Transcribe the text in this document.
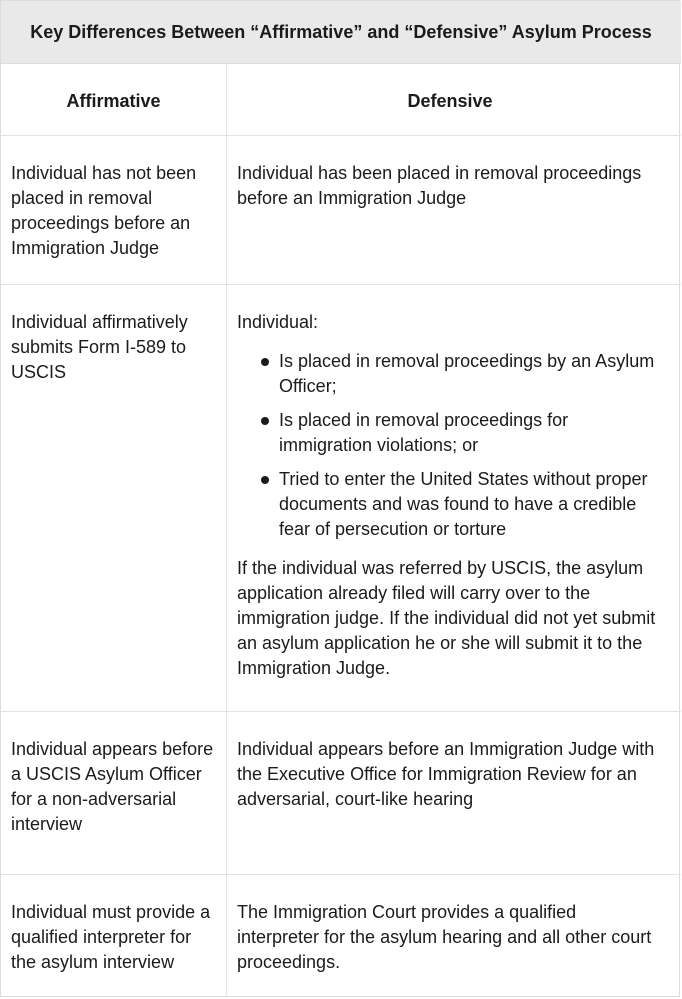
Key Differences Between “Affirmative” and “Defensive” Asylum Process
Affirmative	Defensive
Individual has not been placed in removal proceedings before an Immigration Judge
Individual has been placed in removal proceedings before an Immigration Judge
Individual affirmatively submits Form I-589 to USCIS

Individual:

Is placed in removal proceedings by an Asylum Officer;
Is placed in removal proceedings for immigration violations; or
Tried to enter the United States without proper documents and was found to have a credible fear of persecution or torture

If the individual was referred by USCIS, the asylum application already filed will carry over to the immigration judge. If the individual did not yet submit an asylum application he or she will submit it to the Immigration Judge.

Individual appears before a USCIS Asylum Officer for a non-adversarial interview
Individual appears before an Immigration Judge with the Executive Office for Immigration Review for an adversarial, court-like hearing
Individual must provide a qualified interpreter for the asylum interview
The Immigration Court provides a qualified interpreter for the asylum hearing and all other court proceedings.
